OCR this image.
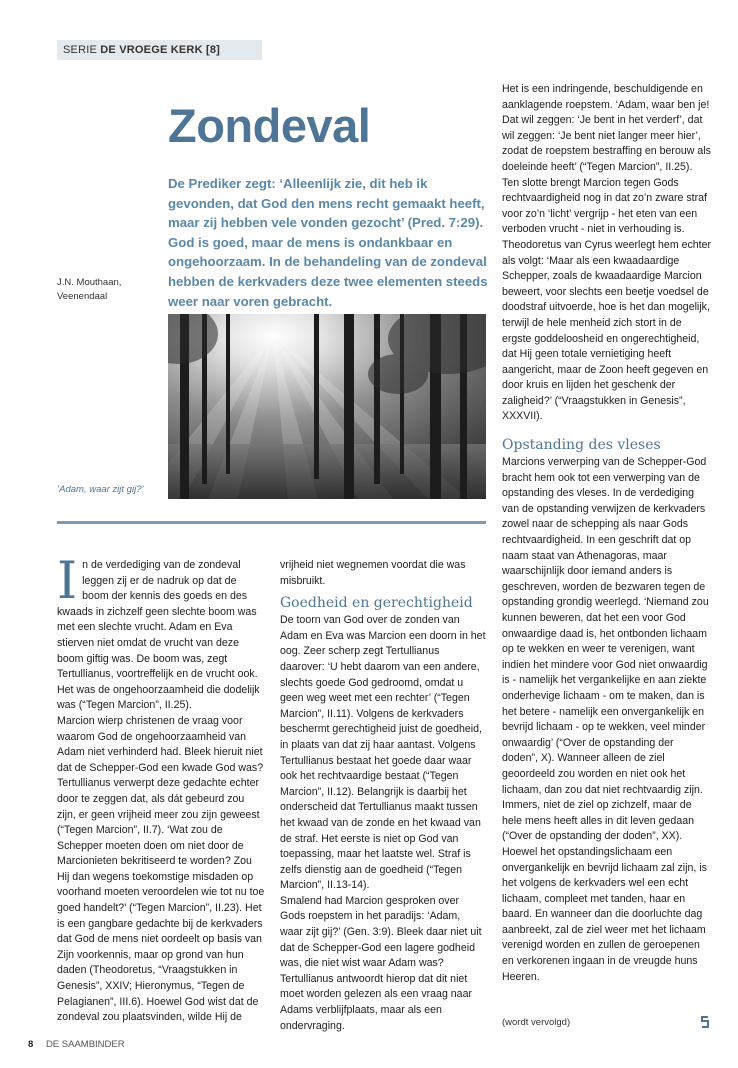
SERIE DE VROEGE KERK [8]
Zondeval
De Prediker zegt: ‘Alleenlijk zie, dit heb ik gevonden, dat God den mens recht gemaakt heeft, maar zij hebben vele vonden gezocht’ (Pred. 7:29). God is goed, maar de mens is ondankbaar en ongehoorzaam. In de behandeling van de zondeval hebben de kerkvaders deze twee elementen steeds weer naar voren gebracht.
J.N. Mouthaan,
Veenendaal
‘Adam, waar zijt gij?’
I n de verdediging van de zondeval leggen zij er de nadruk op dat de boom der kennis des goeds en des kwaads in zichzelf geen slechte boom was met een slechte vrucht. Adam en Eva stierven niet omdat de vrucht van deze boom giftig was. De boom was, zegt Tertullianus, voortreffelijk en de vrucht ook. Het was de ongehoorzaamheid die dodelijk was (“Tegen Marcion”, II.25).

Marcion wierp christenen de vraag voor waarom God de ongehoorzaamheid van Adam niet verhinderd had. Bleek hieruit niet dat de Schepper-God een kwade God was? Tertullianus verwerpt deze gedachte echter door te zeggen dat, als dát gebeurd zou zijn, er geen vrijheid meer zou zijn geweest (“Tegen Marcion”, II.7). ‘Wat zou de Schepper moeten doen om niet door de Marcionieten bekritiseerd te worden? Zou Hij dan wegens toekomstige misdaden op voorhand moeten veroordelen wie tot nu toe goed handelt?’ (“Tegen Marcion”, II.23). Het is een gangbare gedachte bij de kerkvaders dat God de mens niet oordeelt op basis van Zijn voorkennis, maar op grond van hun daden (Theodoretus, “Vraagstukken in Genesis”, XXIV; Hieronymus, “Tegen de Pelagianen”, III.6). Hoewel God wist dat de zondeval zou plaatsvinden, wilde Hij de

vrijheid niet wegnemen voordat die was misbruikt.

Goedheid en gerechtigheid

De toorn van God over de zonden van Adam en Eva was Marcion een doorn in het oog. Zeer scherp zegt Tertullianus daarover: ‘U hebt daarom van een andere, slechts goede God gedroomd, omdat u geen weg weet met een rechter’ (“Tegen Marcion”, II.11). Volgens de kerkvaders beschermt gerechtigheid juist de goedheid, in plaats van dat zij haar aantast. Volgens Tertullianus bestaat het goede daar waar ook het rechtvaardige bestaat (“Tegen Marcion”, II.12). Belangrijk is daarbij het onderscheid dat Tertullianus maakt tussen het kwaad van de zonde en het kwaad van de straf. Het eerste is niet op God van toepassing, maar het laatste wel. Straf is zelfs dienstig aan de goedheid (“Tegen Marcion”, II.13-14).

Smalend had Marcion gesproken over Gods roepstem in het paradijs: ‘Adam, waar zijt gij?’ (Gen. 3:9). Bleek daar niet uit dat de Schepper-God een lagere godheid was, die niet wist waar Adam was? Tertullianus antwoordt hierop dat dit niet moet worden gelezen als een vraag naar Adams verblijfplaats, maar als een ondervraging.

Het is een indringende, beschuldigende en aanklagende roepstem. ‘Adam, waar ben je! Dat wil zeggen: ‘Je bent in het verderf’, dat wil zeggen: ‘Je bent niet langer meer hier’, zodat de roepstem bestraffing en berouw als doeleinde heeft’ (“Tegen Marcion”, II.25).

Ten slotte brengt Marcion tegen Gods rechtvaardigheid nog in dat zo’n zware straf voor zo’n ‘licht’ vergrijp - het eten van een verboden vrucht - niet in verhouding is. Theodoretus van Cyrus weerlegt hem echter als volgt: ‘Maar als een kwaadaardige Schepper, zoals de kwaadaardige Marcion beweert, voor slechts een beetje voedsel de doodstraf uitvoerde, hoe is het dan mogelijk, terwijl de hele menheid zich stort in de ergste goddeloosheid en ongerechtigheid, dat Hij geen totale vernietiging heeft aangericht, maar de Zoon heeft gegeven en door kruis en lijden het geschenk der zaligheid?’ (“Vraagstukken in Genesis”, XXXVII).

Opstanding des vleses

Marcions verwerping van de Schepper-God bracht hem ook tot een verwerping van de opstanding des vleses. In de verdediging van de opstanding verwijzen de kerkvaders zowel naar de schepping als naar Gods rechtvaardigheid. In een geschrift dat op naam staat van Athenagoras, maar waarschijnlijk door iemand anders is geschreven, worden de bezwaren tegen de opstanding grondig weerlegd. ‘Niemand zou kunnen beweren, dat het een voor God onwaardige daad is, het ontbonden lichaam op te wekken en weer te verenigen, want indien het mindere voor God niet onwaardig is - namelijk het vergankelijke en aan ziekte onderhevige lichaam - om te maken, dan is het betere - namelijk een onvergankelijk en bevrijd lichaam - op te wekken, veel minder onwaardig’ (“Over de opstanding der doden”, X). Wanneer alleen de ziel geoordeeld zou worden en niet ook het lichaam, dan zou dat niet rechtvaardig zijn. Immers, niet de ziel op zichzelf, maar de hele mens heeft alles in dit leven gedaan (“Over de opstanding der doden”, XX).

Hoewel het opstandingslichaam een onvergankelijk en bevrijd lichaam zal zijn, is het volgens de kerkvaders wel een echt lichaam, compleet met tanden, haar en baard. En wanneer dan die doorluchte dag aanbreekt, zal de ziel weer met het lichaam verenigd worden en zullen de geroepenen en verkorenen ingaan in de vreugde huns Heeren.

(wordt vervolgd)
8 DE SAAMBINDER
